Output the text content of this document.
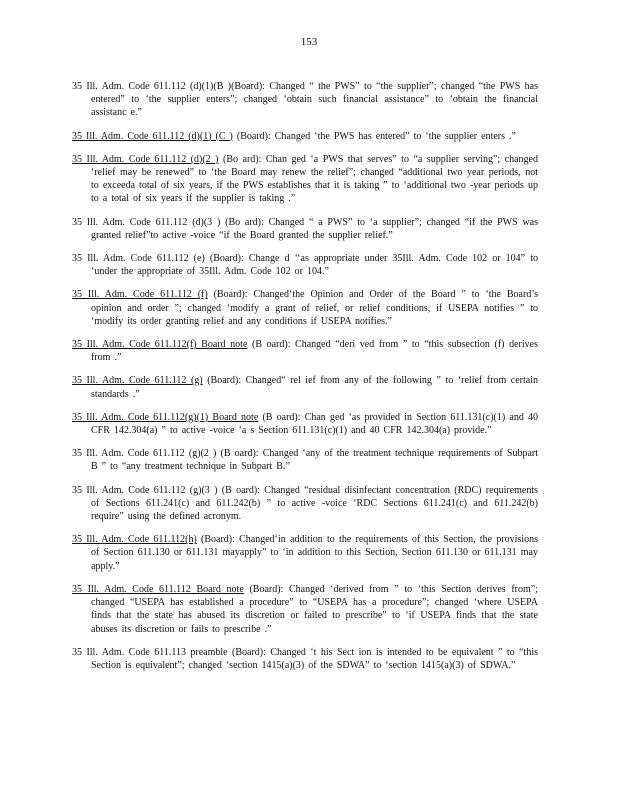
153

35 Ill. Adm. Code 611.112 (d)(1)(B )(Board): Changed “ the PWS” to “the supplier”; changed “the PWS has entered” to ‘the supplier enters”; changed ‘obtain such financial assistance” to ‘obtain the financial assistanc e.”

35 Ill. Adm. Code 611.112 (d)(1) (C ) (Board): Changed ‘the PWS has entered” to ‘the supplier enters .”

35 Ill. Adm. Code 611.112 (d)(2 ) (Bo ard): Chan ged ‘a PWS that serves” to “a supplier serving”; changed ‘relief may be renewed” to ‘the Board may renew the relief”; changed “additional two year periods, not to exceeda total of six years, if the PWS establishes that it is taking ” to ‘additional two -year periods up to a total of six years if the supplier is taking .”

35 Ill. Adm. Code 611.112 (d)(3 ) (Bo ard): Changed “ a PWS” to ‘a supplier”; changed “if the PWS was granted relief”to active -voice “if the Board granted the supplier relief.”

35 Ill. Adm. Code 611.112 (e) (Board): Change d ‘‘as appropriate under 35Ill. Adm. Code 102 or 104” to ‘under the appropriate of 35Ill. Adm. Code 102 or 104.”

35 Ill. Adm. Code 611.112 (f) (Board): Changed‘the Opinion and Order of the Board ” to ‘the Board’s opinion and order ”; changed ‘modify a grant of relief, or relief conditions, if USEPA notifies ” to ‘modify its order granting relief and any conditions if USEPA notifies.”

35 Ill. Adm. Code 611.112(f) Board note (B oard): Changed “deri ved from ” to “this subsection (f) derives from .”

35 Ill. Adm. Code 611.112 (g) (Board): Changed“ rel ief from any of the following ” to ‘relief from certain standards .”

35 Ill. Adm. Code 611.112(g)(1) Board note (B oard): Chan ged ‘as provided in Section 611.131(c)(1) and 40 CFR 142.304(a) ” to active -voice ‘a s Section 611.131(c)(1) and 40 CFR 142.304(a) provide.”

35 Ill. Adm. Code 611.112 (g)(2 ) (B oard): Changed ‘any of the treatment technique requirements of Subpart B ” to “any treatment technique in Subpart B.”

35 Ill. Adm. Code 611.112 (g)(3 ) (B oard): Changed “residual disinfectant concentration (RDC) requirements of Sections 611.241(c) and 611.242(b) ” to active -voice ‘RDC Sections 611.241(c) and 611.242(b) require” using the defined acronym.

35 Ill. Adm. Code 611.112(h) (Board): Changed‘in addition to the requirements of this Section, the provisions of Section 611.130 or 611.131 mayapply” to ‘in addition to this Section, Section 611.130 or 611.131 may apply.”

35 Ill. Adm. Code 611.112 Board note (Board): Changed ‘derived from ” to ‘this Section derives from”; changed “USEPA has established a procedure” to “USEPA has a procedure”; changed ‘where USEPA finds that the state has abused its discretion or failed to prescribe” to ‘if USEPA finds that the state abuses its discretion or fails to prescribe .”

35 Ill. Adm. Code 611.113 preamble (Board): Changed ‘t his Sect ion is intended to be equivalent ” to “this Section is equivalent”; changed ‘section 1415(a)(3) of the SDWA” to ‘section 1415(a)(3) of SDWA.”
